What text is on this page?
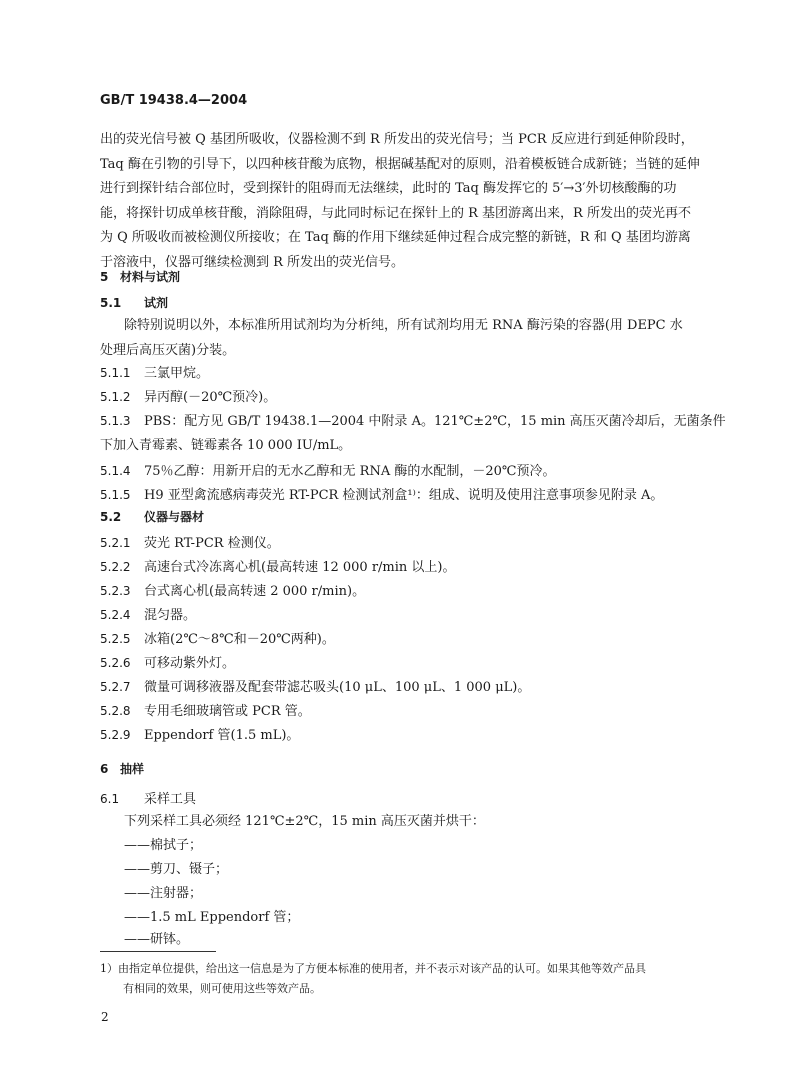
GB/T 19438.4—2004

出的荧光信号被 Q 基团所吸收，仪器检测不到 R 所发出的荧光信号；当 PCR 反应进行到延伸阶段时，
Taq 酶在引物的引导下，以四种核苷酸为底物，根据碱基配对的原则，沿着模板链合成新链；当链的延伸
进行到探针结合部位时，受到探针的阻碍而无法继续，此时的 Taq 酶发挥它的 5′→3′外切核酸酶的功
能，将探针切成单核苷酸，消除阻碍，与此同时标记在探针上的 R 基团游离出来，R 所发出的荧光再不
为 Q 所吸收而被检测仪所接收；在 Taq 酶的作用下继续延伸过程合成完整的新链，R 和 Q 基团均游离
于溶液中，仪器可继续检测到 R 所发出的荧光信号。

5 材料与试剂
5.1 试剂

除特别说明以外，本标准所用试剂均为分析纯，所有试剂均用无 RNA 酶污染的容器(用 DEPC 水
处理后高压灭菌)分装。

5.1.1 三氯甲烷。
5.1.2 异丙醇(－20℃预冷)。
5.1.3 PBS：配方见 GB/T 19438.1—2004 中附录 A。121℃±2℃，15 min 高压灭菌冷却后，无菌条件
下加入青霉素、链霉素各 10 000 IU/mL。
5.1.4 75％乙醇：用新开启的无水乙醇和无 RNA 酶的水配制，－20℃预冷。
5.1.5 H9 亚型禽流感病毒荧光 RT-PCR 检测试剂盒¹⁾：组成、说明及使用注意事项参见附录 A。
5.2 仪器与器材
5.2.1 荧光 RT-PCR 检测仪。
5.2.2 高速台式冷冻离心机(最高转速 12 000 r/min 以上)。
5.2.3 台式离心机(最高转速 2 000 r/min)。
5.2.4 混匀器。
5.2.5 冰箱(2℃～8℃和－20℃两种)。
5.2.6 可移动紫外灯。
5.2.7 微量可调移液器及配套带滤芯吸头(10 μL、100 μL、1 000 μL)。
5.2.8 专用毛细玻璃管或 PCR 管。
5.2.9 Eppendorf 管(1.5 mL)。
6 抽样
6.1 采样工具
下列采样工具必须经 121℃±2℃，15 min 高压灭菌并烘干：
——棉拭子；
——剪刀、镊子；
——注射器；
——1.5 mL Eppendorf 管；
——研钵。
1）由指定单位提供，给出这一信息是为了方便本标准的使用者，并不表示对该产品的认可。如果其他等效产品具
有相同的效果，则可使用这些等效产品。
2
